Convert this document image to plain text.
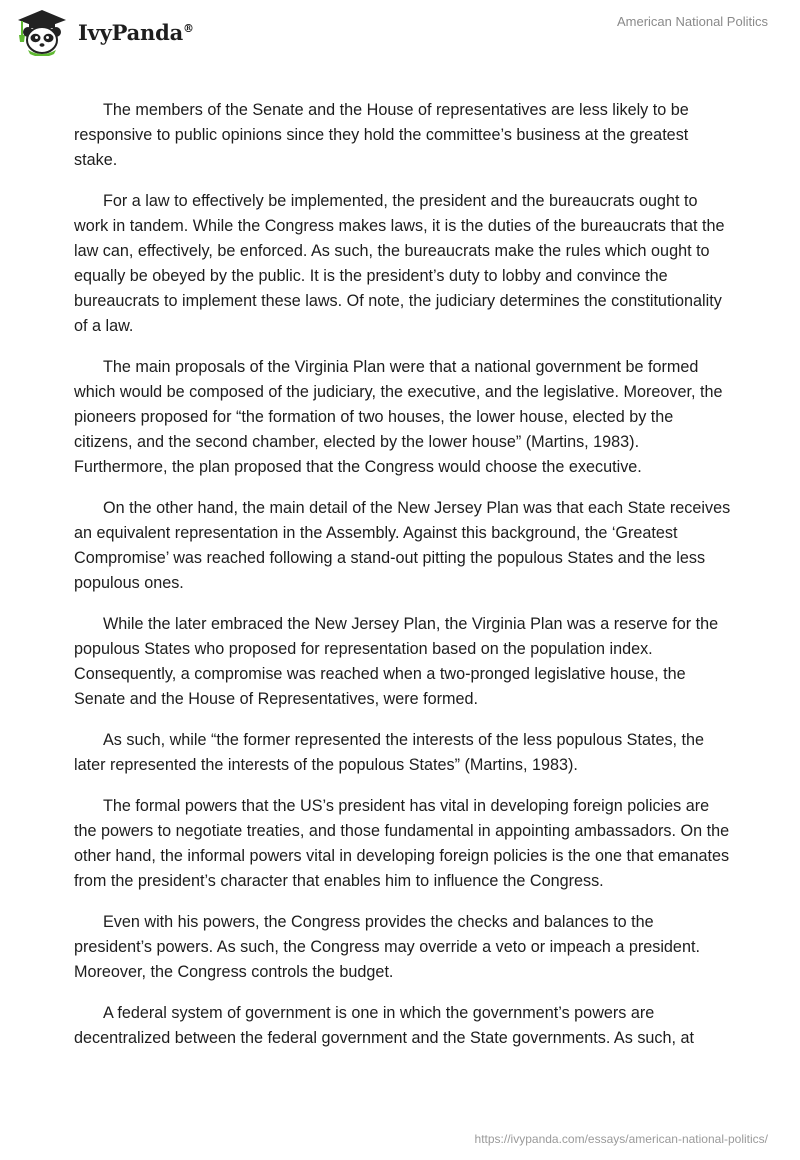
IvyPanda®	American National Politics

The members of the Senate and the House of representatives are less likely to be responsive to public opinions since they hold the committee’s business at the greatest stake.

For a law to effectively be implemented, the president and the bureaucrats ought to work in tandem. While the Congress makes laws, it is the duties of the bureaucrats that the law can, effectively, be enforced. As such, the bureaucrats make the rules which ought to equally be obeyed by the public. It is the president’s duty to lobby and convince the bureaucrats to implement these laws. Of note, the judiciary determines the constitutionality of a law.

The main proposals of the Virginia Plan were that a national government be formed which would be composed of the judiciary, the executive, and the legislative. Moreover, the pioneers proposed for “the formation of two houses, the lower house, elected by the citizens, and the second chamber, elected by the lower house” (Martins, 1983). Furthermore, the plan proposed that the Congress would choose the executive.

On the other hand, the main detail of the New Jersey Plan was that each State receives an equivalent representation in the Assembly. Against this background, the ‘Greatest Compromise’ was reached following a stand-out pitting the populous States and the less populous ones.

While the later embraced the New Jersey Plan, the Virginia Plan was a reserve for the populous States who proposed for representation based on the population index. Consequently, a compromise was reached when a two-pronged legislative house, the Senate and the House of Representatives, were formed.

As such, while “the former represented the interests of the less populous States, the later represented the interests of the populous States” (Martins, 1983).

The formal powers that the US’s president has vital in developing foreign policies are the powers to negotiate treaties, and those fundamental in appointing ambassadors. On the other hand, the informal powers vital in developing foreign policies is the one that emanates from the president’s character that enables him to influence the Congress.

Even with his powers, the Congress provides the checks and balances to the president’s powers. As such, the Congress may override a veto or impeach a president. Moreover, the Congress controls the budget.

A federal system of government is one in which the government’s powers are decentralized between the federal government and the State governments. As such, at

https://ivypanda.com/essays/american-national-politics/
